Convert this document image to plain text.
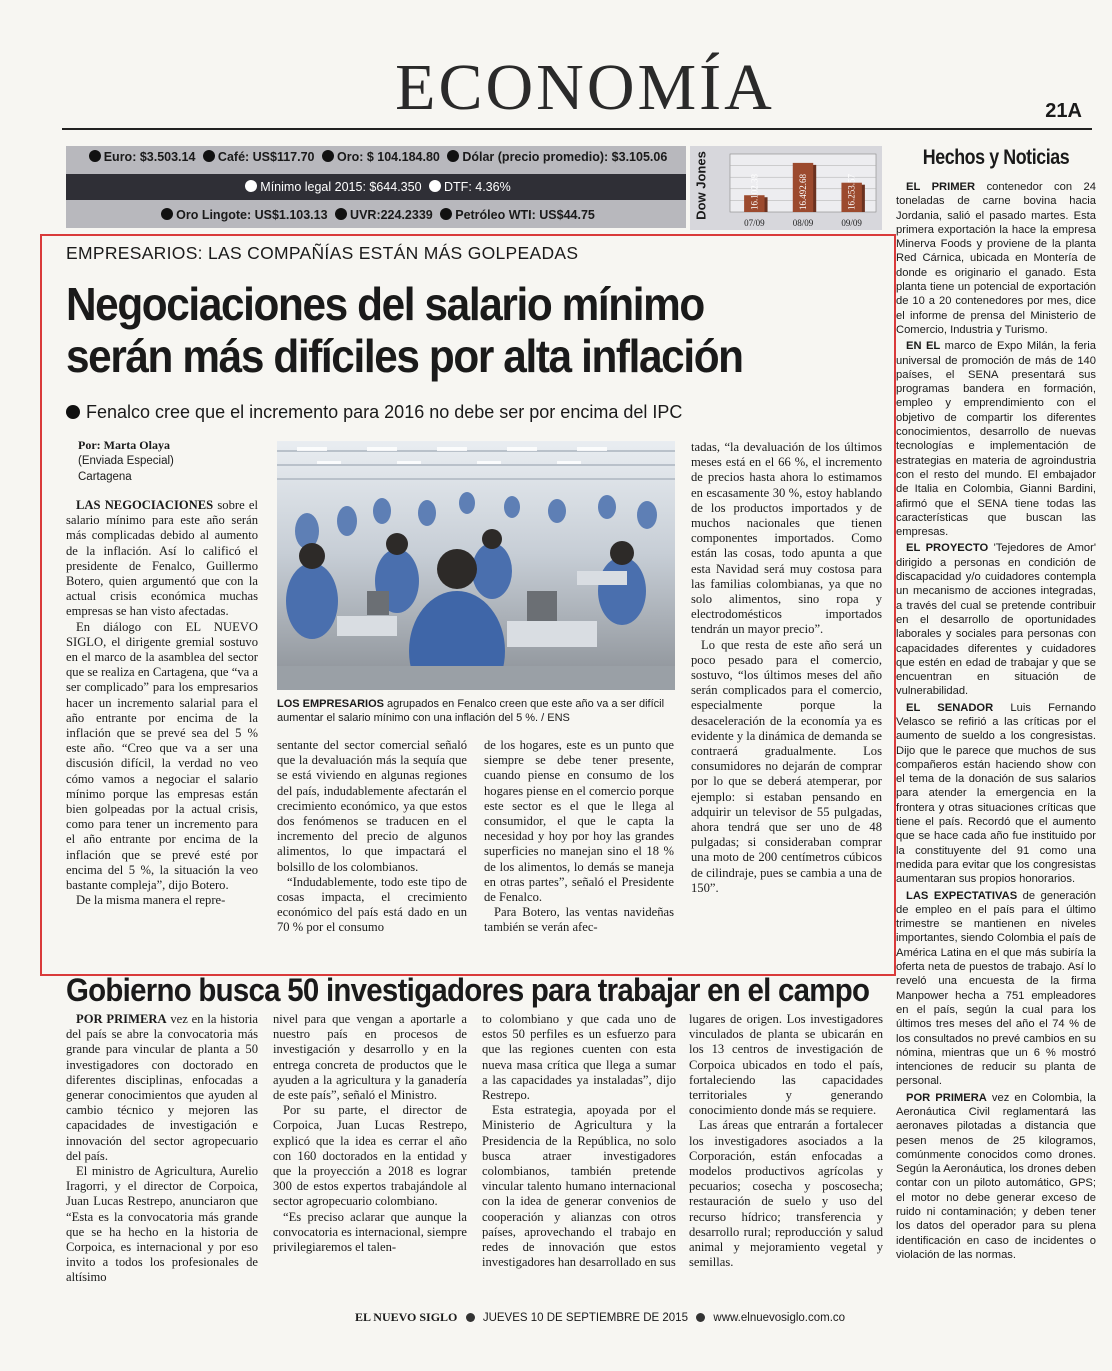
ECONOMÍA	21A
Euro: $3.503.14 Café: US$117.70 Oro: $ 104.184.80 Dólar (precio promedio): $3.105.06
Mínimo legal 2015: $644.350 DTF: 4.36%
Oro Lingote: US$1.103.13 UVR:224.2339 Petróleo WTI: US$44.75	Dow Jones	16.102.38
07/09
16.492.68
08/09
16.253.57
09/09
Hechos y Noticias

EL PRIMER contenedor con 24 toneladas de carne bovina hacia Jordania, salió el pasado martes. Esta primera exportación la hace la empresa Minerva Foods y proviene de la planta Red Cárnica, ubicada en Montería de donde es originario el ganado. Esta planta tiene un potencial de exportación de 10 a 20 contenedores por mes, dice el informe de prensa del Ministerio de Comercio, Industria y Turismo.

EN EL marco de Expo Milán, la feria universal de promoción de más de 140 países, el SENA presentará sus programas bandera en formación, empleo y emprendimiento con el objetivo de compartir los diferentes conocimientos, desarrollo de nuevas tecnologías e implementación de estrategias en materia de agroindustria con el resto del mundo. El embajador de Italia en Colombia, Gianni Bardini, afirmó que el SENA tiene todas las características que buscan las empresas.

EL PROYECTO 'Tejedores de Amor' dirigido a personas en condición de discapacidad y/o cuidadores contempla un mecanismo de acciones integradas, a través del cual se pretende contribuir en el desarrollo de oportunidades laborales y sociales para personas con capacidades diferentes y cuidadores que estén en edad de trabajar y que se encuentran en situación de vulnerabilidad.

EL SENADOR Luis Fernando Velasco se refirió a las críticas por el aumento de sueldo a los congresistas. Dijo que le parece que muchos de sus compañeros están haciendo show con el tema de la donación de sus salarios para atender la emergencia en la frontera y otras situaciones críticas que tiene el país. Recordó que el aumento que se hace cada año fue instituido por la constituyente del 91 como una medida para evitar que los congresistas aumentaran sus propios honorarios.

LAS EXPECTATIVAS de generación de empleo en el país para el último trimestre se mantienen en niveles importantes, siendo Colombia el país de América Latina en el que más subiría la oferta neta de puestos de trabajo. Así lo reveló una encuesta de la firma Manpower hecha a 751 empleadores en el país, según la cual para los últimos tres meses del año el 74 % de los consultados no prevé cambios en su nómina, mientras que un 6 % mostró intenciones de reducir su planta de personal.

POR PRIMERA vez en Colombia, la Aeronáutica Civil reglamentará las aeronaves pilotadas a distancia que pesen menos de 25 kilogramos, comúnmente conocidos como drones. Según la Aeronáutica, los drones deben contar con un piloto automático, GPS; el motor no debe generar exceso de ruido ni contaminación; y deben tener los datos del operador para su plena identificación en caso de incidentes o violación de las normas.

EMPRESARIOS: LAS COMPAÑÍAS ESTÁN MÁS GOLPEADAS
Negociaciones del salario mínimo serán más difíciles por alta inflación
Fenalco cree que el incremento para 2016 no debe ser por encima del IPC
Por: Marta Olaya
(Enviada Especial)
Cartagena

LAS NEGOCIACIONES sobre el salario mínimo para este año serán más complicadas debido al aumento de la inflación. Así lo calificó el presidente de Fenalco, Guillermo Botero, quien argumentó que con la actual crisis económica muchas empresas se han visto afectadas.

En diálogo con EL NUEVO SIGLO, el dirigente gremial sostuvo en el marco de la asamblea del sector que se realiza en Cartagena, que “va a ser complicado” para los empresarios hacer un incremento salarial para el año entrante por encima de la inflación que se prevé sea del 5 % este año. “Creo que va a ser una discusión difícil, la verdad no veo cómo vamos a negociar el salario mínimo porque las empresas están bien golpeadas por la actual crisis, como para tener un incremento para el año entrante por encima de la inflación que se prevé esté por encima del 5 %, la situación la veo bastante compleja”, dijo Botero.

De la misma manera el repre-

LOS EMPRESARIOS agrupados en Fenalco creen que este año va a ser difícil aumentar el salario mínimo con una inflación del 5 %. / ENS

sentante del sector comercial señaló que la devaluación más la sequía que se está viviendo en algunas regiones del país, indudablemente afectarán el crecimiento económico, ya que estos dos fenómenos se traducen en el incremento del precio de algunos alimentos, lo que impactará el bolsillo de los colombianos.

“Indudablemente, todo este tipo de cosas impacta, el crecimiento económico del país está dado en un 70 % por el consumo

de los hogares, este es un punto que siempre se debe tener presente, cuando piense en consumo de los hogares piense en el comercio porque este sector es el que le llega al consumidor, el que le capta la necesidad y hoy por hoy las grandes superficies no manejan sino el 18 % de los alimentos, lo demás se maneja en otras partes”, señaló el Presidente de Fenalco.

Para Botero, las ventas navideñas también se verán afec-

tadas, “la devaluación de los últimos meses está en el 66 %, el incremento de precios hasta ahora lo estimamos en escasamente 30 %, estoy hablando de los productos importados y de muchos nacionales que tienen componentes importados. Como están las cosas, todo apunta a que esta Navidad será muy costosa para las familias colombianas, ya que no solo alimentos, sino ropa y electrodomésticos importados tendrán un mayor precio”.

Lo que resta de este año será un poco pesado para el comercio, sostuvo, “los últimos meses del año serán complicados para el comercio, especialmente porque la desaceleración de la economía ya es evidente y la dinámica de demanda se contraerá gradualmente. Los consumidores no dejarán de comprar por lo que se deberá atemperar, por ejemplo: si estaban pensando en adquirir un televisor de 55 pulgadas, ahora tendrá que ser uno de 48 pulgadas; si consideraban comprar una moto de 200 centímetros cúbicos de cilindraje, pues se cambia a una de 150”.

Gobierno busca 50 investigadores para trabajar en el campo

POR PRIMERA vez en la historia del país se abre la convocatoria más grande para vincular de planta a 50 investigadores con doctorado en diferentes disciplinas, enfocadas a generar conocimientos que ayuden al cambio técnico y mejoren las capacidades de investigación e innovación del sector agropecuario del país.

El ministro de Agricultura, Aurelio Iragorri, y el director de Corpoica, Juan Lucas Restrepo, anunciaron que “Esta es la convocatoria más grande que se ha hecho en la historia de Corpoica, es internacional y por eso invito a todos los profesionales de altísimo

nivel para que vengan a aportarle a nuestro país en procesos de investigación y desarrollo y en la entrega concreta de productos que le ayuden a la agricultura y la ganadería de este país”, señaló el Ministro.

Por su parte, el director de Corpoica, Juan Lucas Restrepo, explicó que la idea es cerrar el año con 160 doctorados en la entidad y que la proyección a 2018 es lograr 300 de estos expertos trabajándole al sector agropecuario colombiano.

“Es preciso aclarar que aunque la convocatoria es internacional, siempre privilegiaremos el talen-

to colombiano y que cada uno de estos 50 perfiles es un esfuerzo para que las regiones cuenten con esta nueva masa crítica que llega a sumar a las capacidades ya instaladas”, dijo Restrepo.

Esta estrategia, apoyada por el Ministerio de Agricultura y la Presidencia de la República, no solo busca atraer investigadores colombianos, también pretende vincular talento humano internacional con la idea de generar convenios de cooperación y alianzas con otros países, aprovechando el trabajo en redes de innovación que estos investigadores han desarrollado en sus

lugares de origen. Los investigadores vinculados de planta se ubicarán en los 13 centros de investigación de Corpoica ubicados en todo el país, fortaleciendo las capacidades territoriales y generando conocimiento donde más se requiere.

Las áreas que entrarán a fortalecer los investigadores asociados a la Corporación, están enfocadas a modelos productivos agrícolas y pecuarios; cosecha y poscosecha; restauración de suelo y uso del recurso hídrico; transferencia y desarrollo rural; reproducción y salud animal y mejoramiento vegetal y semillas.

EL NUEVO SIGLO JUEVES 10 DE SEPTIEMBRE DE 2015 www.elnuevosiglo.com.co
